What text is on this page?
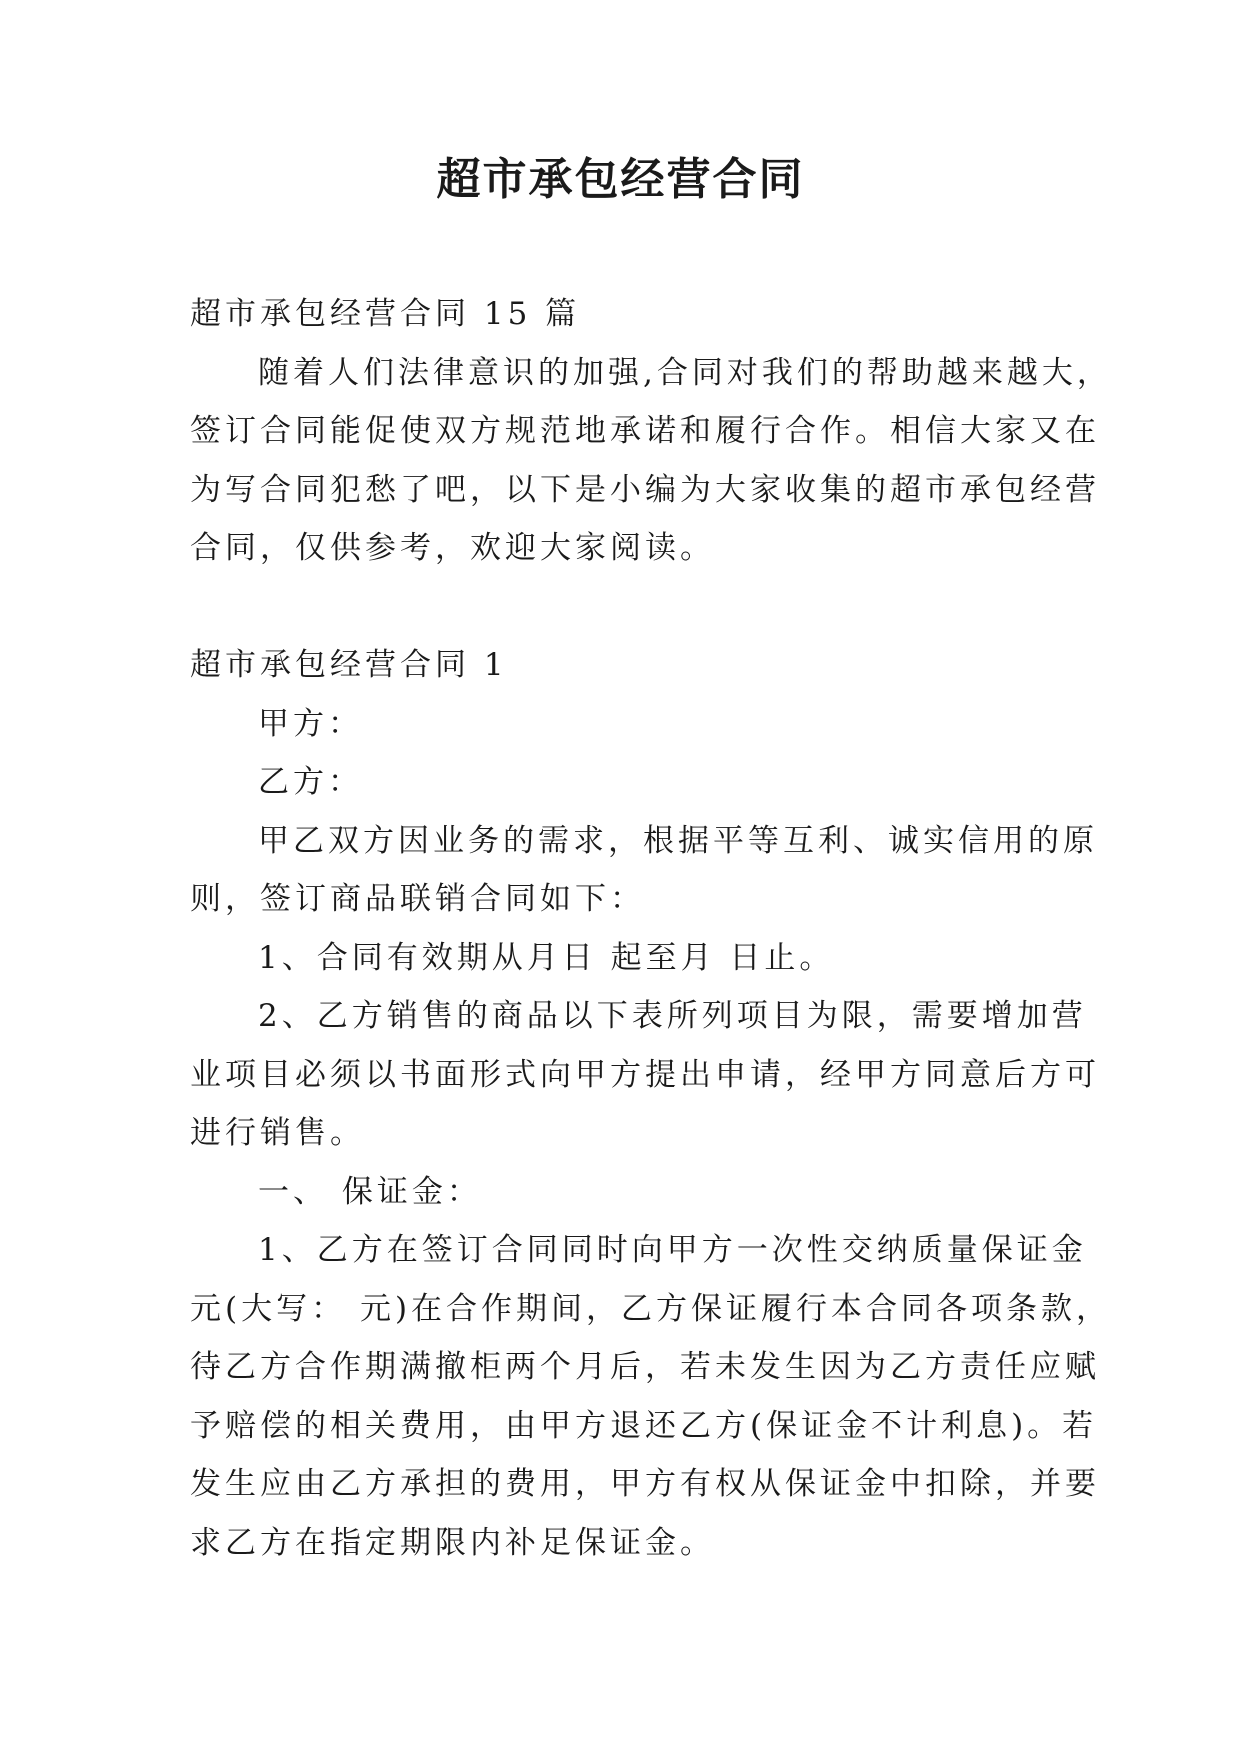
超市承包经营合同

超市承包经营合同 15 篇

随着人们法律意识的加强,合同对我们的帮助越来越大，

签订合同能促使双方规范地承诺和履行合作。相信大家又在

为写合同犯愁了吧，以下是小编为大家收集的超市承包经营

合同，仅供参考，欢迎大家阅读。

超市承包经营合同 1

甲方：

乙方：

甲乙双方因业务的需求，根据平等互利、诚实信用的原

则，签订商品联销合同如下：

1、合同有效期从月日 起至月 日止。

2、乙方销售的商品以下表所列项目为限，需要增加营

业项目必须以书面形式向甲方提出申请，经甲方同意后方可

进行销售。

一、 保证金：

1、乙方在签订合同同时向甲方一次性交纳质量保证金

元(大写： 元)在合作期间，乙方保证履行本合同各项条款，

待乙方合作期满撤柜两个月后，若未发生因为乙方责任应赋

予赔偿的相关费用，由甲方退还乙方(保证金不计利息)。若

发生应由乙方承担的费用，甲方有权从保证金中扣除，并要

求乙方在指定期限内补足保证金。
